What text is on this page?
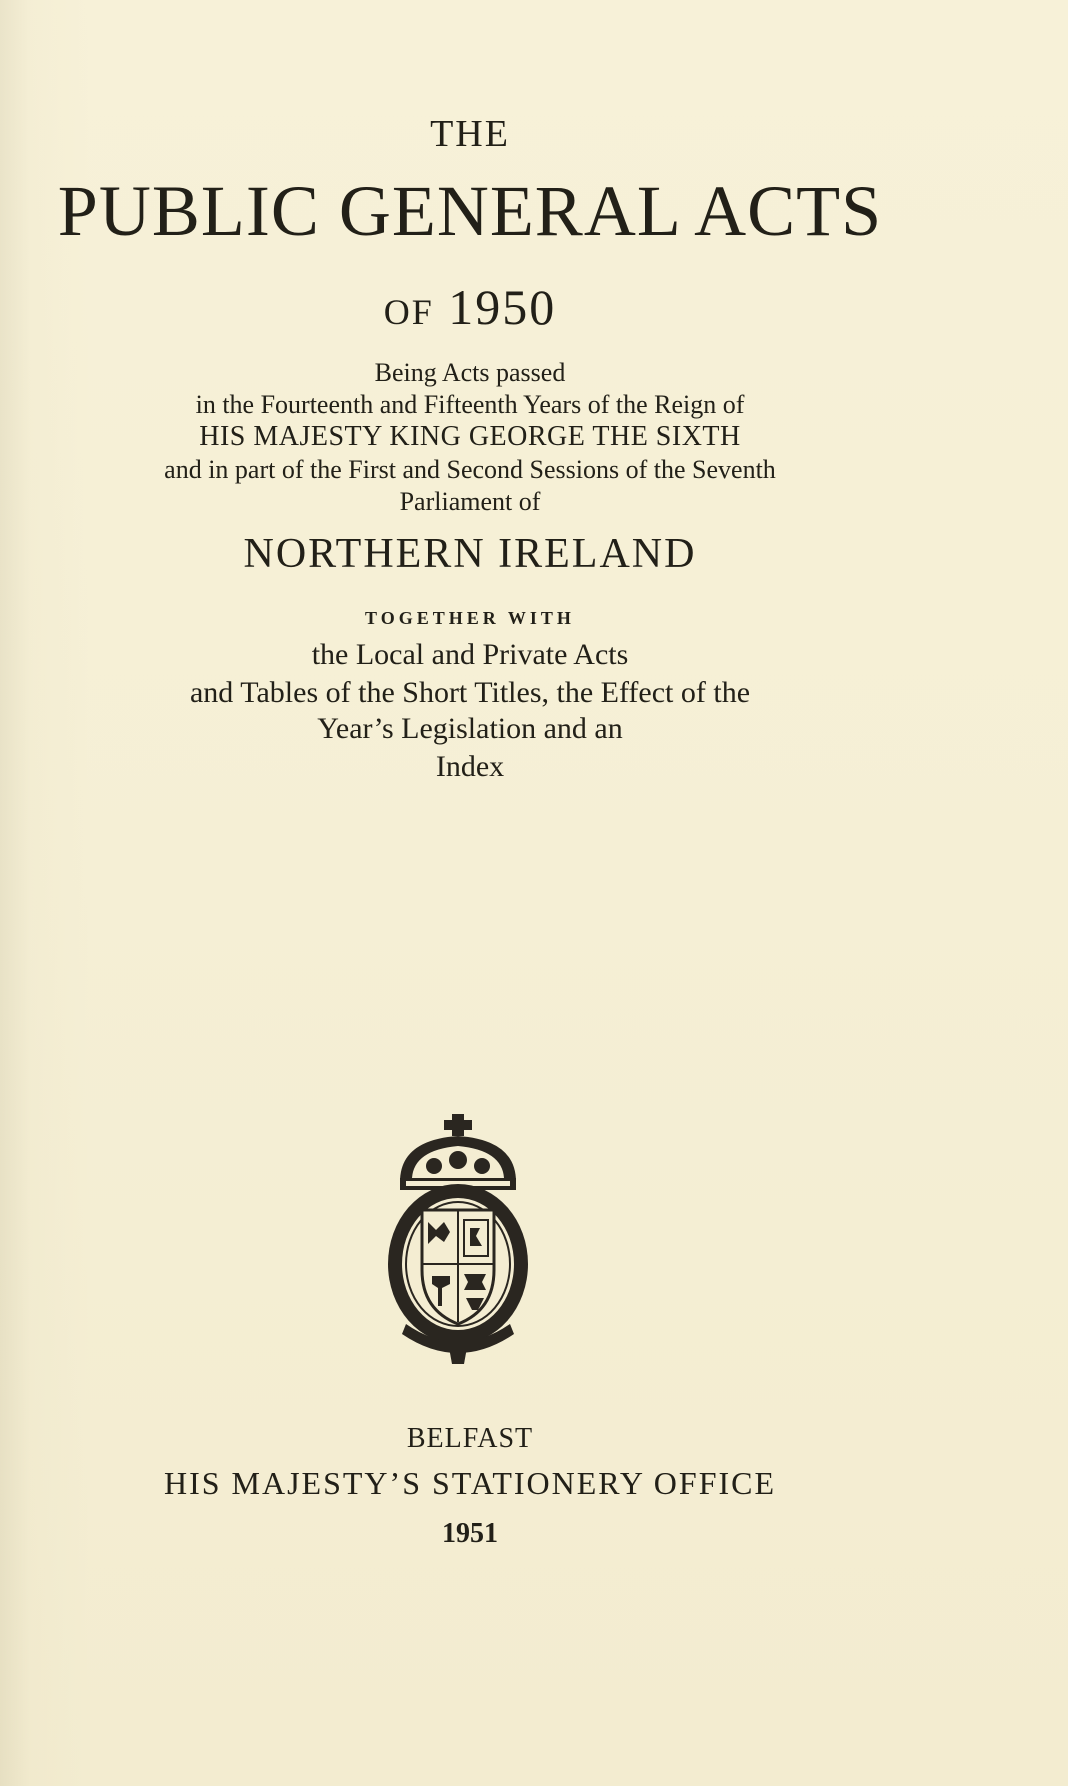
THE
PUBLIC GENERAL ACTS
OF 1950
Being Acts passed
in the Fourteenth and Fifteenth Years of the Reign of
HIS MAJESTY KING GEORGE THE SIXTH
and in part of the First and Second Sessions of the Seventh
Parliament of
NORTHERN IRELAND
TOGETHER WITH
the Local and Private Acts
and Tables of the Short Titles, the Effect of the
Year’s Legislation and an
Index
BELFAST
HIS MAJESTY’S STATIONERY OFFICE
1951
